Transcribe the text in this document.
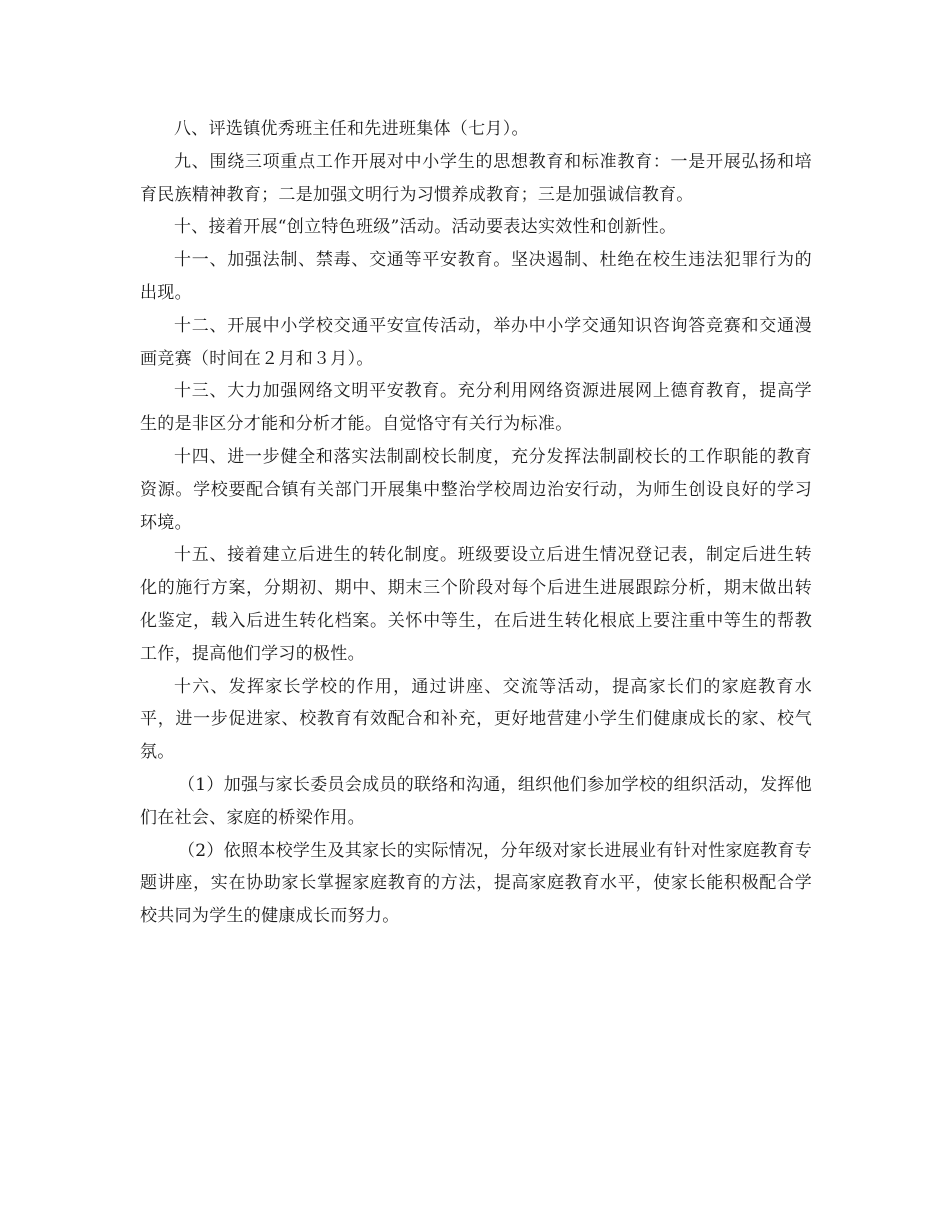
八、评选镇优秀班主任和先进班集体（七月）。

九、围绕三项重点工作开展对中小学生的思想教育和标准教育：一是开展弘扬和培育民族精神教育；二是加强文明行为习惯养成教育；三是加强诚信教育。

十、接着开展“创立特色班级”活动。活动要表达实效性和创新性。

十一、加强法制、禁毒、交通等平安教育。坚决遏制、杜绝在校生违法犯罪行为的出现。

十二、开展中小学校交通平安宣传活动，举办中小学交通知识咨询答竞赛和交通漫画竞赛（时间在２月和３月）。

十三、大力加强网络文明平安教育。充分利用网络资源进展网上德育教育，提高学生的是非区分才能和分析才能。自觉恪守有关行为标准。

十四、进一步健全和落实法制副校长制度，充分发挥法制副校长的工作职能的教育资源。学校要配合镇有关部门开展集中整治学校周边治安行动，为师生创设良好的学习环境。

十五、接着建立后进生的转化制度。班级要设立后进生情况登记表，制定后进生转化的施行方案，分期初、期中、期末三个阶段对每个后进生进展跟踪分析，期末做出转化鉴定，载入后进生转化档案。关怀中等生，在后进生转化根底上要注重中等生的帮教工作，提高他们学习的极性。

十六、发挥家长学校的作用，通过讲座、交流等活动，提高家长们的家庭教育水平，进一步促进家、校教育有效配合和补充，更好地营建小学生们健康成长的家、校气氛。

（1）加强与家长委员会成员的联络和沟通，组织他们参加学校的组织活动，发挥他们在社会、家庭的桥梁作用。

（2）依照本校学生及其家长的实际情况，分年级对家长进展业有针对性家庭教育专题讲座，实在协助家长掌握家庭教育的方法，提高家庭教育水平，使家长能积极配合学校共同为学生的健康成长而努力。
